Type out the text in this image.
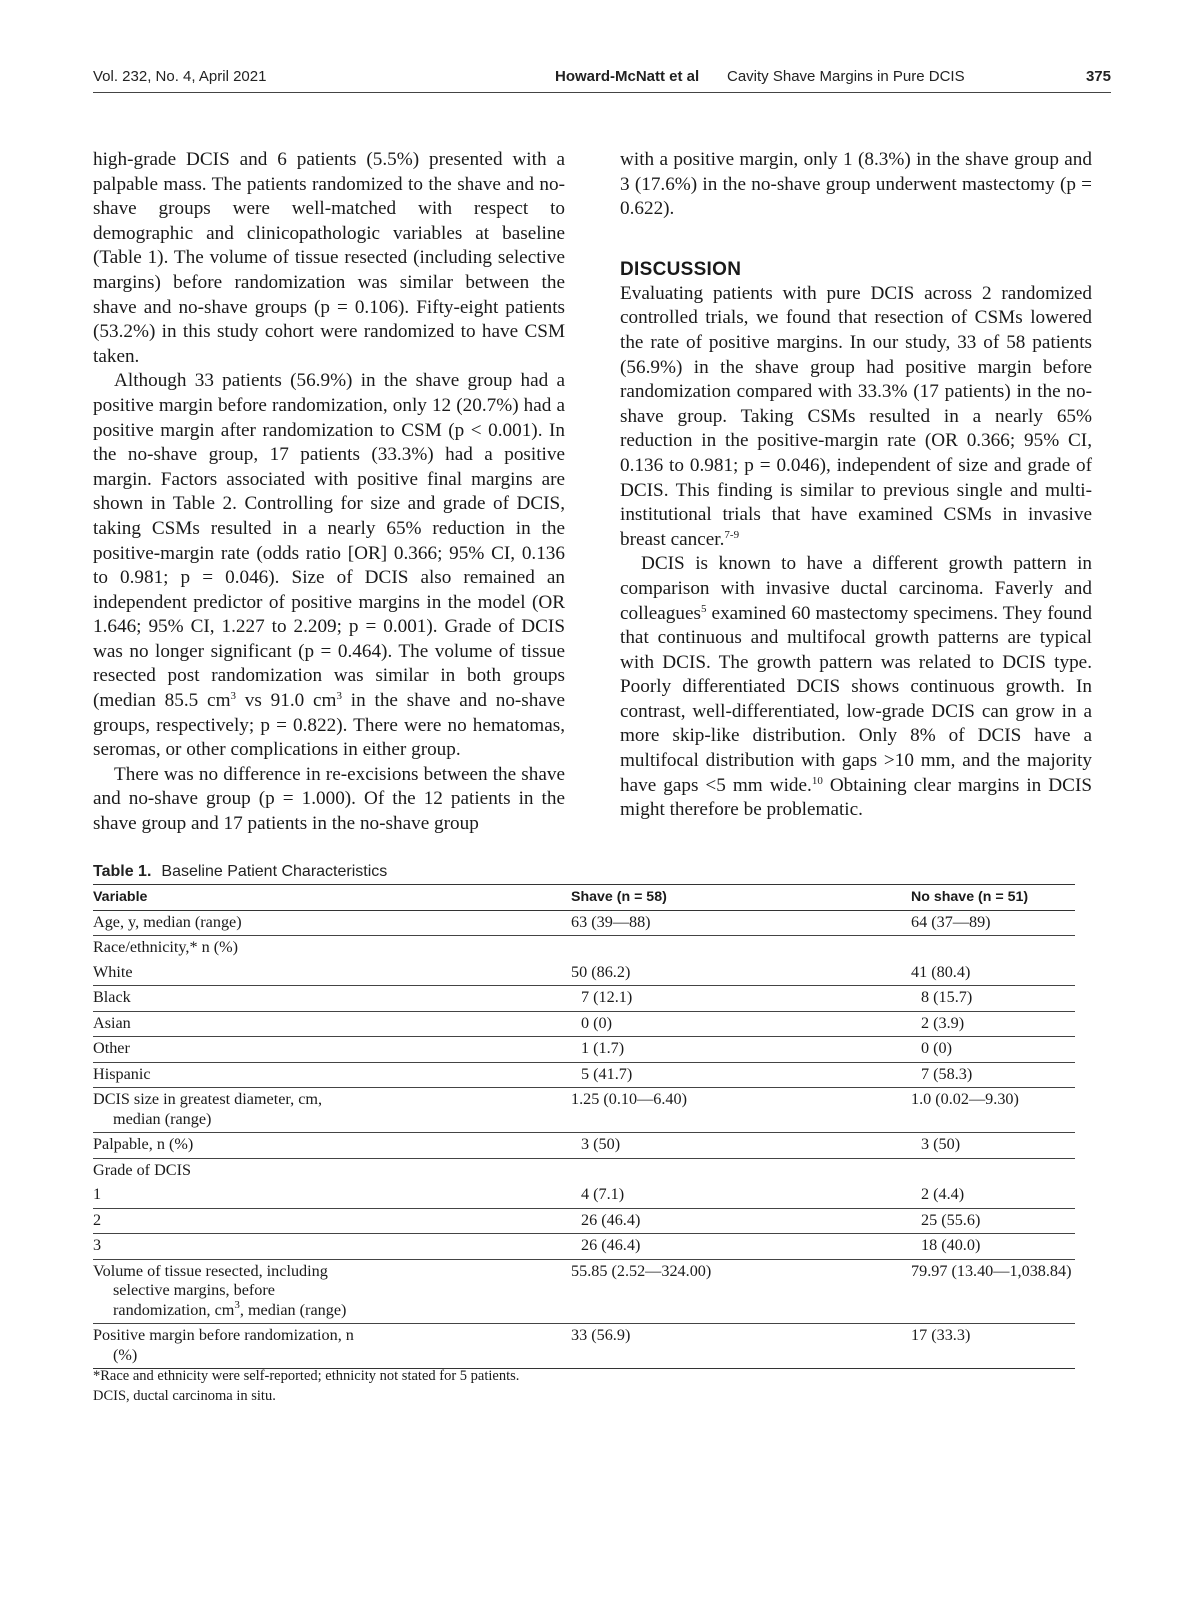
Vol. 232, No. 4, April 2021	Howard-McNatt et al Cavity Shave Margins in Pure DCIS	375

high-grade DCIS and 6 patients (5.5%) presented with a palpable mass. The patients randomized to the shave and no-shave groups were well-matched with respect to demographic and clinicopathologic variables at baseline (Table 1). The volume of tissue resected (including selective margins) before randomization was similar between the shave and no-shave groups (p = 0.106). Fifty-eight patients (53.2%) in this study cohort were randomized to have CSM taken.

Although 33 patients (56.9%) in the shave group had a positive margin before randomization, only 12 (20.7%) had a positive margin after randomization to CSM (p < 0.001). In the no-shave group, 17 patients (33.3%) had a positive margin. Factors associated with positive final margins are shown in Table 2. Controlling for size and grade of DCIS, taking CSMs resulted in a nearly 65% reduction in the positive-margin rate (odds ratio [OR] 0.366; 95% CI, 0.136 to 0.981; p = 0.046). Size of DCIS also remained an independent predictor of positive margins in the model (OR 1.646; 95% CI, 1.227 to 2.209; p = 0.001). Grade of DCIS was no longer significant (p = 0.464). The volume of tissue resected post randomization was similar in both groups (median 85.5 $cm^3$ vs 91.0 $cm^3$ in the shave and no-shave groups, respectively; p = 0.822). There were no hematomas, seromas, or other complications in either group.

There was no difference in re-excisions between the shave and no-shave group (p = 1.000). Of the 12 patients in the shave group and 17 patients in the no-shave group

with a positive margin, only 1 (8.3%) in the shave group and 3 (17.6%) in the no-shave group underwent mastectomy (p = 0.622).

DISCUSSION

Evaluating patients with pure DCIS across 2 randomized controlled trials, we found that resection of CSMs lowered the rate of positive margins. In our study, 33 of 58 patients (56.9%) in the shave group had positive margin before randomization compared with 33.3% (17 patients) in the no-shave group. Taking CSMs resulted in a nearly 65% reduction in the positive-margin rate (OR 0.366; 95% CI, 0.136 to 0.981; p = 0.046), independent of size and grade of DCIS. This finding is similar to previous single and multi-institutional trials that have examined CSMs in invasive breast cancer.$^{7-9}$

DCIS is known to have a different growth pattern in comparison with invasive ductal carcinoma. Faverly and colleagues$^5$ examined 60 mastectomy specimens. They found that continuous and multifocal growth patterns are typical with DCIS. The growth pattern was related to DCIS type. Poorly differentiated DCIS shows continuous growth. In contrast, well-differentiated, low-grade DCIS can grow in a more skip-like distribution. Only 8% of DCIS have a multifocal distribution with gaps >10 mm, and the majority have gaps <5 mm wide.$^{10}$ Obtaining clear margins in DCIS might therefore be problematic.

Table 1. Baseline Patient Characteristics
Variable	Shave (n = 58)	No shave (n = 51)
Age, y, median (range)	63 (39—88)	64 (37—89)
Race/ethnicity,* n (%)		
White	50 (86.2)	41 (80.4)
Black	7 (12.1)	8 (15.7)
Asian	0 (0)	2 (3.9)
Other	1 (1.7)	0 (0)
Hispanic	5 (41.7)	7 (58.3)
DCIS size in greatest diameter, cm,
median (range)	1.25 (0.10—6.40)	1.0 (0.02—9.30)
Palpable, n (%)	3 (50)	3 (50)
Grade of DCIS		
1	4 (7.1)	2 (4.4)
2	26 (46.4)	25 (55.6)
3	26 (46.4)	18 (40.0)
Volume of tissue resected, including
selective margins, before
randomization, $cm^3$, median (range)	55.85 (2.52—324.00)	79.97 (13.40—1,038.84)
Positive margin before randomization, n
(%)	33 (56.9)	17 (33.3)
*Race and ethnicity were self-reported; ethnicity not stated for 5 patients.
DCIS, ductal carcinoma in situ.
